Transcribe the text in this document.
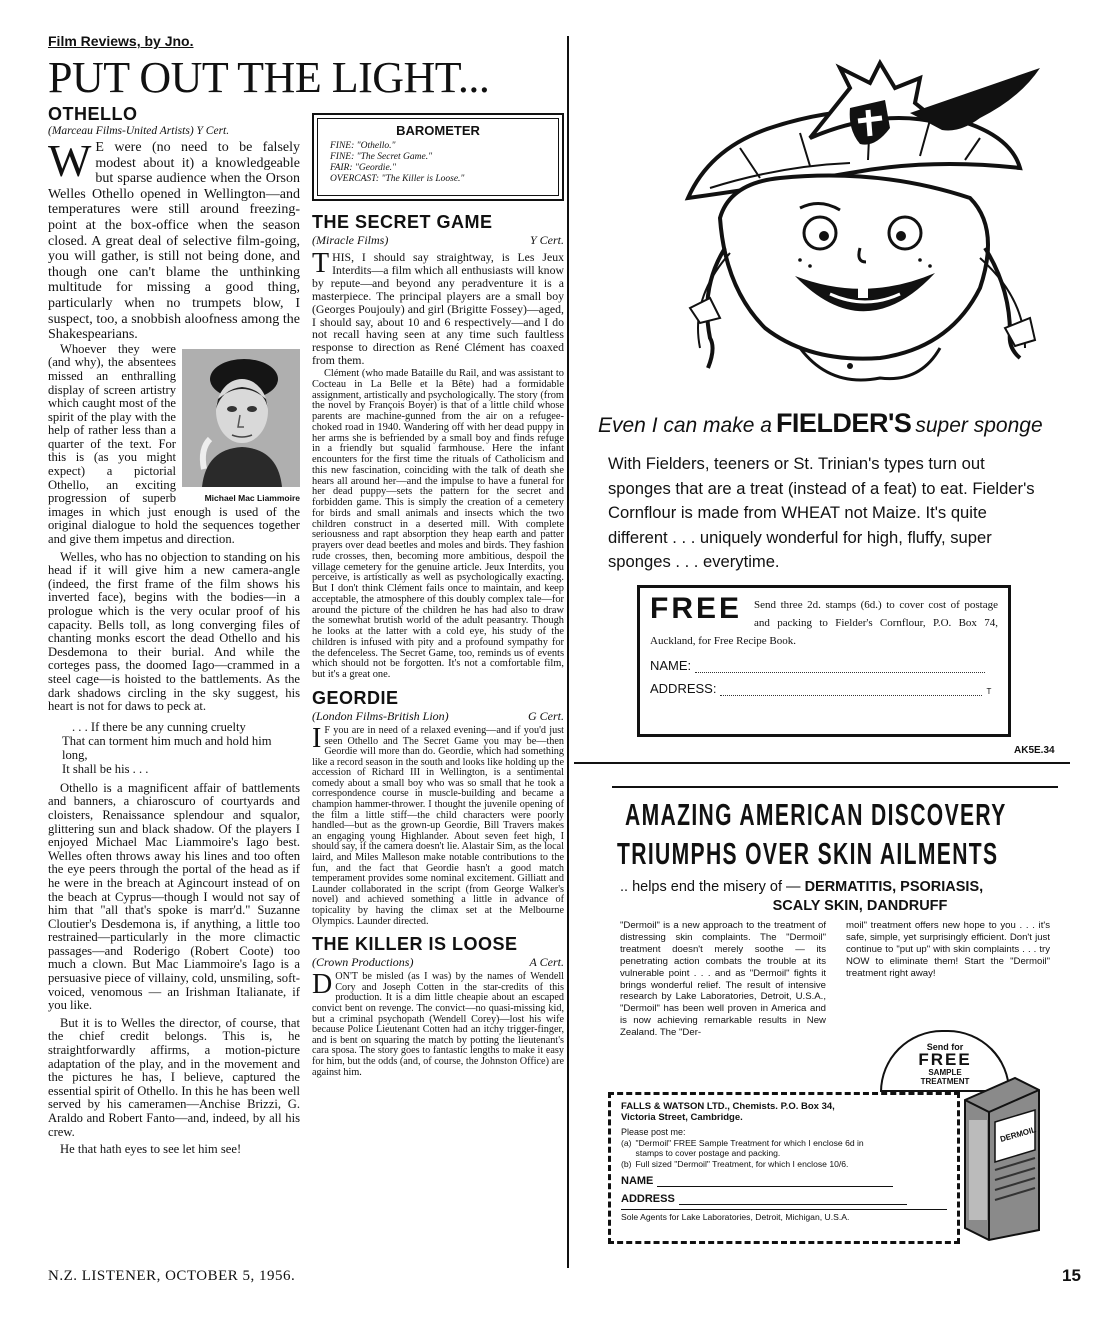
Film Reviews, by Jno.
PUT OUT THE LIGHT...
OTHELLO
(Marceau Films-United Artists) Y Cert.

W E were (no need to be falsely modest about it) a knowledgeable but sparse audience when the Orson Welles Othello opened in Wellington—and temperatures were still around freezing-point at the box-office when the season closed. A great deal of selective film-going, you will gather, is still not being done, and though one can't blame the unthinking multitude for missing a good thing, particularly when no trumpets blow, I suspect, too, a snobbish aloofness among the Shakespearians.

Michael Mac Liammoire

Whoever they were (and why), the absentees missed an enthralling display of screen artistry which caught most of the spirit of the play with the help of rather less than a quarter of the text. For this is (as you might expect) a pictorial Othello, an exciting progression of superb images in which just enough is used of the original dialogue to hold the sequences together and give them impetus and direction.

Welles, who has no objection to standing on his head if it will give him a new camera-angle (indeed, the first frame of the film shows his inverted face), begins with the bodies—in a prologue which is the very ocular proof of his capacity. Bells toll, as long converging files of chanting monks escort the dead Othello and his Desdemona to their burial. And while the corteges pass, the doomed Iago—crammed in a steel cage—is hoisted to the battlements. As the dark shadows circling in the sky suggest, his heart is not for daws to peck at.

. . . If there be any cunning cruelty
That can torment him much and hold him long,
It shall be his . . .

Othello is a magnificent affair of battlements and banners, a chiaroscuro of courtyards and cloisters, Renaissance splendour and squalor, glittering sun and black shadow. Of the players I enjoyed Michael Mac Liammoire's Iago best. Welles often throws away his lines and too often the eye peers through the portal of the head as if he were in the breach at Agincourt instead of on the beach at Cyprus—though I would not say of him that "all that's spoke is marr'd." Suzanne Cloutier's Desdemona is, if anything, a little too restrained—particularly in the more climactic passages—and Roderigo (Robert Coote) too much a clown. But Mac Liammoire's Iago is a persuasive piece of villainy, cold, unsmiling, soft-voiced, venomous — an Irishman Italianate, if you like.

But it is to Welles the director, of course, that the chief credit belongs. This is, he straightforwardly affirms, a motion-picture adaptation of the play, and in the movement and the pictures he has, I believe, captured the essential spirit of Othello. In this he has been well served by his cameramen—Anchise Brizzi, G. Araldo and Robert Fanto—and, indeed, by all his crew.

He that hath eyes to see let him see!

BAROMETER
FINE: "Othello."
FINE: "The Secret Game."
FAIR: "Geordie."
OVERCAST: "The Killer is Loose."
THE SECRET GAME
(Miracle Films)	Y Cert.

THIS, I should say straightway, is Les Jeux Interdits—a film which all enthusiasts will know by repute—and beyond any peradventure it is a masterpiece. The principal players are a small boy (Georges Poujouly) and girl (Brigitte Fossey)—aged, I should say, about 10 and 6 respectively—and I do not recall having seen at any time such faultless response to direction as René Clément has coaxed from them.

Clément (who made Bataille du Rail, and was assistant to Cocteau in La Belle et la Bête) had a formidable assignment, artistically and psychologically. The story (from the novel by François Boyer) is that of a little child whose parents are machine-gunned from the air on a refugee-choked road in 1940. Wandering off with her dead puppy in her arms she is befriended by a small boy and finds refuge in a friendly but squalid farmhouse. Here the infant encounters for the first time the rituals of Catholicism and this new fascination, coinciding with the talk of death she hears all around her—and the impulse to have a funeral for her dead puppy—sets the pattern for the secret and forbidden game. This is simply the creation of a cemetery for birds and small animals and insects which the two children construct in a deserted mill. With complete seriousness and rapt absorption they heap earth and patter prayers over dead beetles and moles and birds. They fashion rude crosses, then, becoming more ambitious, despoil the village cemetery for the genuine article. Jeux Interdits, you perceive, is artistically as well as psychologically exacting. But I don't think Clément fails once to maintain, and keep acceptable, the atmosphere of this doubly complex tale—for around the picture of the children he has had also to draw the somewhat brutish world of the adult peasantry. Though he looks at the latter with a cold eye, his study of the children is infused with pity and a profound sympathy for the defenceless. The Secret Game, too, reminds us of events which should not be forgotten. It's not a comfortable film, but it's a great one.

GEORDIE
(London Films-British Lion)	G Cert.

I F you are in need of a relaxed evening—and if you'd just seen Othello and The Secret Game you may be—then Geordie will more than do. Geordie, which had something like a record season in the south and looks like holding up the accession of Richard III in Wellington, is a sentimental comedy about a small boy who was so small that he took a correspondence course in muscle-building and became a champion hammer-thrower. I thought the juvenile opening of the film a little stiff—the child characters were poorly handled—but as the grown-up Geordie, Bill Travers makes an engaging young Highlander. About seven feet high, I should say, if the camera doesn't lie. Alastair Sim, as the local laird, and Miles Malleson make notable contributions to the fun, and the fact that Geordie hasn't a good match temperament provides some nominal excitement. Gilliatt and Launder collaborated in the script (from George Walker's novel) and achieved something a little in advance of topicality by having the climax set at the Melbourne Olympics. Launder directed.

THE KILLER IS LOOSE
(Crown Productions)	A Cert.

DON'T be misled (as I was) by the names of Wendell Cory and Joseph Cotten in the star-credits of this production. It is a dim little cheapie about an escaped convict bent on revenge. The convict—no quasi-missing kid, but a criminal psychopath (Wendell Corey)—lost his wife because Police Lieutenant Cotten had an itchy trigger-finger, and is bent on squaring the match by potting the lieutenant's cara sposa. The story goes to fantastic lengths to make it easy for him, but the odds (and, of course, the Johnston Office) are against him.

N.Z. LISTENER, OCTOBER 5, 1956.
Even I can make a FIELDER'S super sponge

With Fielders, teeners or St. Trinian's types turn out sponges that are a treat (instead of a feat) to eat. Fielder's Cornflour is made from WHEAT not Maize. It's quite different . . . uniquely wonderful for high, fluffy, super sponges . . . everytime.

FREE Send three 2d. stamps (6d.) to cover cost of postage and packing to Fielder's Cornflour, P.O. Box 74, Auckland, for Free Recipe Book.
NAME:
ADDRESS:	T
AK5E.34
AMAZING AMERICAN DISCOVERY
TRIUMPHS OVER SKIN AILMENTS
.. helps end the misery of — DERMATITIS, PSORIASIS,
SCALY SKIN, DANDRUFF

"Dermoil" is a new approach to the treatment of distressing skin complaints. The "Dermoil" treatment doesn't merely soothe — its penetrating action combats the trouble at its vulnerable point . . . and as "Dermoil" fights it brings wonderful relief. The result of intensive research by Lake Laboratories, Detroit, U.S.A., "Dermoil" has been well proven in America and is now achieving remarkable results in New Zealand. The "Der-

moil" treatment offers new hope to you . . . it's safe, simple, yet surprisingly efficient. Don't just continue to "put up" with skin complaints . . . try NOW to eliminate them! Start the "Dermoil" treatment right away!

Send for
FREE
SAMPLE
TREATMENT
FALLS & WATSON LTD., Chemists. P.O. Box 34,
Victoria Street, Cambridge.
Please post me:
(a) "Dermoil" FREE Sample Treatment for which I enclose 6d in stamps to cover postage and packing.
(b) Full sized "Dermoil" Treatment, for which I enclose 10/6.
NAME
ADDRESS
Sole Agents for Lake Laboratories, Detroit, Michigan, U.S.A.
DERMOIL
15
